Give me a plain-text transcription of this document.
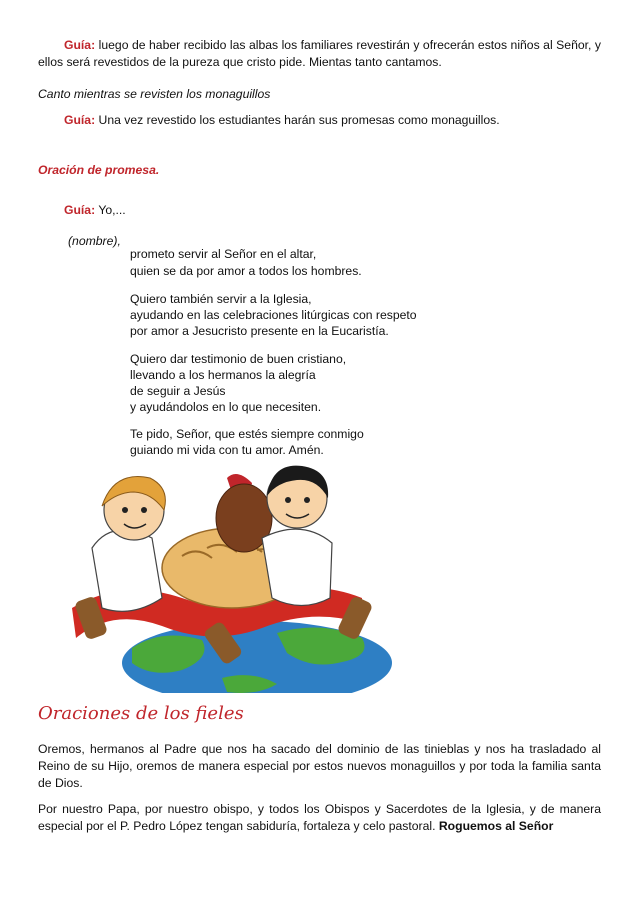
Guía: luego de haber recibido las albas los familiares revestirán y ofrecerán estos niños al Señor, y ellos será revestidos de la pureza que cristo pide. Mientas tanto cantamos.
Canto mientras se revisten los monaguillos
Guía: Una vez revestido los estudiantes harán sus promesas como monaguillos.
Oración de promesa.
Guía: Yo,...
(nombre),
prometo servir al Señor en el altar,
quien se da por amor a todos los hombres.
Quiero también servir a la Iglesia,
ayudando en las celebraciones litúrgicas con respeto
por amor a Jesucristo presente en la Eucaristía.
Quiero dar testimonio de buen cristiano,
llevando a los hermanos la alegría
de seguir a Jesús
y ayudándolos en lo que necesiten.
Te pido, Señor, que estés siempre conmigo
guiando mi vida con tu amor. Amén.
Oraciones de los fieles
Oremos, hermanos al Padre que nos ha sacado del dominio de las tinieblas y nos ha trasladado al Reino de su Hijo, oremos de manera especial por estos nuevos monaguillos y por toda la familia santa de Dios.
Por nuestro Papa, por nuestro obispo, y todos los Obispos y Sacerdotes de la Iglesia, y de manera especial por el P. Pedro López tengan sabiduría, fortaleza y celo pastoral. Roguemos al Señor
